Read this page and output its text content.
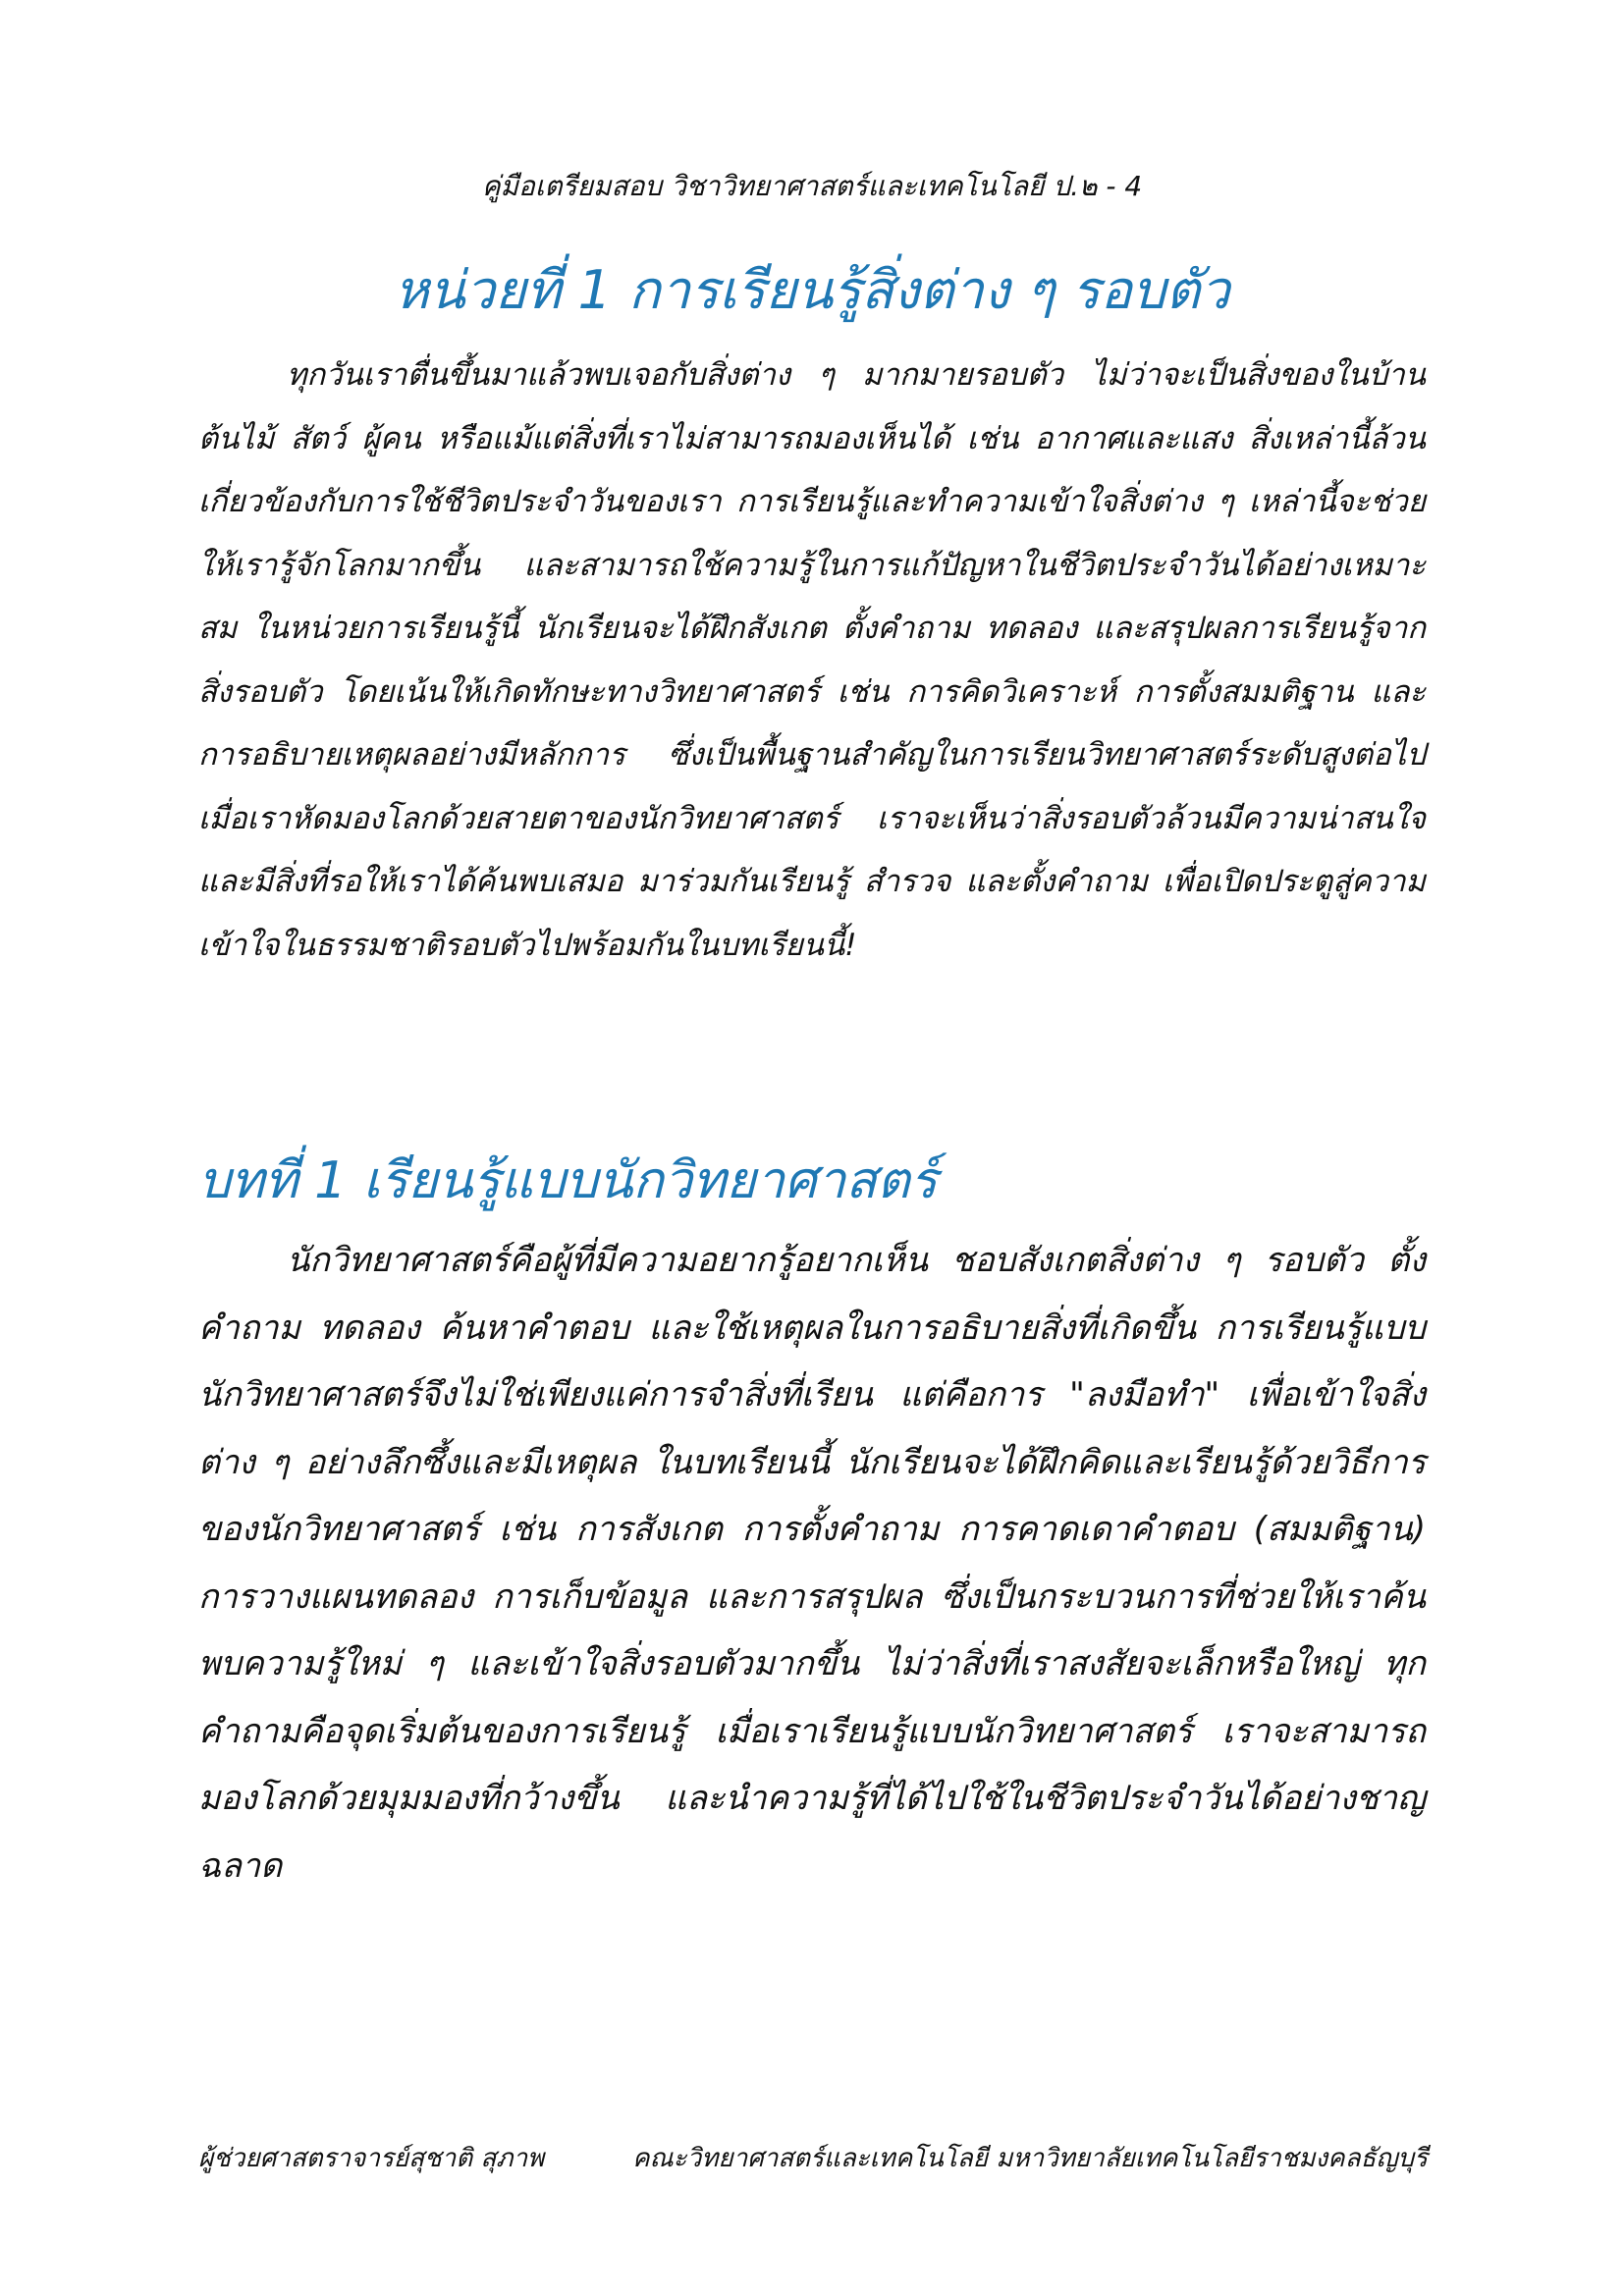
คู่มือเตรียมสอบ วิชาวิทยาศาสตร์และเทคโนโลยี ป.๒ - 4
หน่วยที่ 1 การเรียนรู้สิ่งต่าง ๆ รอบตัว

ทุกวันเราตื่นขึ้นมาแล้วพบเจอกับสิ่งต่าง ๆ มากมายรอบตัว ไม่ว่าจะเป็นสิ่งของในบ้าน ต้นไม้ สัตว์ ผู้คน หรือแม้แต่สิ่งที่เราไม่สามารถมองเห็นได้ เช่น อากาศและแสง สิ่งเหล่านี้ล้วนเกี่ยวข้องกับการใช้ชีวิตประจำวันของเรา การเรียนรู้และทำความเข้าใจสิ่งต่าง ๆ เหล่านี้จะช่วยให้เรารู้จักโลกมากขึ้น และสามารถใช้ความรู้ในการแก้ปัญหาในชีวิตประจำวันได้อย่างเหมาะสม ในหน่วยการเรียนรู้นี้ นักเรียนจะได้ฝึกสังเกต ตั้งคำถาม ทดลอง และสรุปผลการเรียนรู้จากสิ่งรอบตัว โดยเน้นให้เกิดทักษะทางวิทยาศาสตร์ เช่น การคิดวิเคราะห์ การตั้งสมมติฐาน และการอธิบายเหตุผลอย่างมีหลักการ ซึ่งเป็นพื้นฐานสำคัญในการเรียนวิทยาศาสตร์ระดับสูงต่อไป เมื่อเราหัดมองโลกด้วยสายตาของนักวิทยาศาสตร์ เราจะเห็นว่าสิ่งรอบตัวล้วนมีความน่าสนใจและมีสิ่งที่รอให้เราได้ค้นพบเสมอ มาร่วมกันเรียนรู้ สำรวจ และตั้งคำถาม เพื่อเปิดประตูสู่ความเข้าใจในธรรมชาติรอบตัวไปพร้อมกันในบทเรียนนี้!

บทที่ 1 เรียนรู้แบบนักวิทยาศาสตร์

นักวิทยาศาสตร์คือผู้ที่มีความอยากรู้อยากเห็น ชอบสังเกตสิ่งต่าง ๆ รอบตัว ตั้งคำถาม ทดลอง ค้นหาคำตอบ และใช้เหตุผลในการอธิบายสิ่งที่เกิดขึ้น การเรียนรู้แบบนักวิทยาศาสตร์จึงไม่ใช่เพียงแค่การจำสิ่งที่เรียน แต่คือการ "ลงมือทำ" เพื่อเข้าใจสิ่งต่าง ๆ อย่างลึกซึ้งและมีเหตุผล ในบทเรียนนี้ นักเรียนจะได้ฝึกคิดและเรียนรู้ด้วยวิธีการของนักวิทยาศาสตร์ เช่น การสังเกต การตั้งคำถาม การคาดเดาคำตอบ (สมมติฐาน) การวางแผนทดลอง การเก็บข้อมูล และการสรุปผล ซึ่งเป็นกระบวนการที่ช่วยให้เราค้นพบความรู้ใหม่ ๆ และเข้าใจสิ่งรอบตัวมากขึ้น ไม่ว่าสิ่งที่เราสงสัยจะเล็กหรือใหญ่ ทุกคำถามคือจุดเริ่มต้นของการเรียนรู้ เมื่อเราเรียนรู้แบบนักวิทยาศาสตร์ เราจะสามารถมองโลกด้วยมุมมองที่กว้างขึ้น และนำความรู้ที่ได้ไปใช้ในชีวิตประจำวันได้อย่างชาญฉลาด

ผู้ช่วยศาสตราจารย์สุชาติ สุภาพ	คณะวิทยาศาสตร์และเทคโนโลยี มหาวิทยาลัยเทคโนโลยีราชมงคลธัญบุรี
